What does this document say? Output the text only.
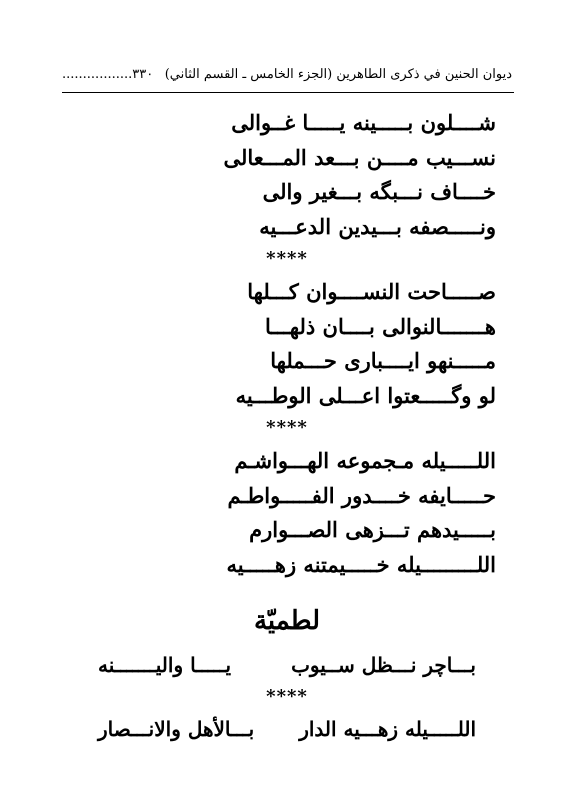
ديوان الحنين في ذكرى الطاهرين (الجزء الخامس ـ القسم الثاني)
٣٣٠.................
شــــلون بـــــينه يـــــا غــوالى
نســـيب مــــن بـــعد المـــعالى
خــــاف نـــبگه بـــغير والى
ونـــــصفه بـــيدين الدعـــيه
****
صـــــاحت النســــوان كـــلها
هـــــــالنوالى بــــان ذلهـــا
مـــــنهو ايــــبارى حـــملها
لو وگـــــعتوا اعـــلى الوطـــيه
****
اللـــــيله مـجموعه الهـــواشـم
حـــــايفه خــــدور الفـــــواطـم
بـــــيدهم تـــزهى الصـــوارم
اللـــــــــيله خـــــيمتنه زهـــــيه
لطميّة
بـــاچر نـــظل ســيوب
يـــــا واليـــــــنه
****
اللـــــيله زهـــيه الدار
بـــالأهل والانـــصار
